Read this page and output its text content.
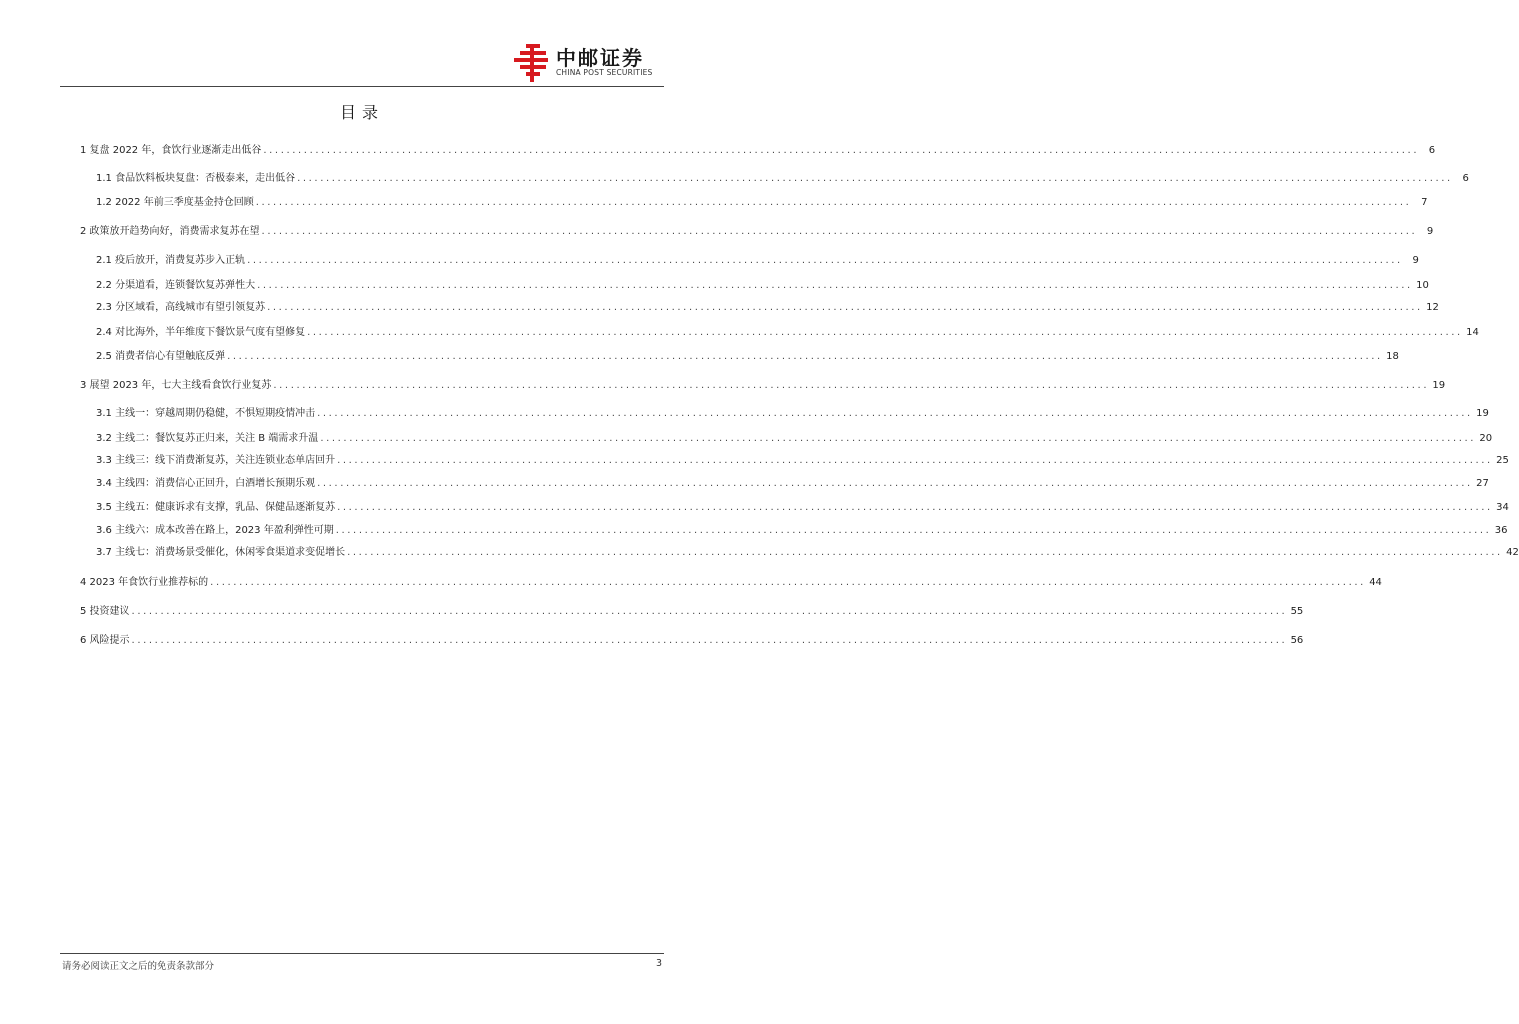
中邮证券
CHINA POST SECURITIES
目录
1 复盘 2022 年，食饮行业逐渐走出低谷 ........................................................................................................................................................................................................ 6
1.1 食品饮料板块复盘：否极泰来，走出低谷 ........................................................................................................................................................................................................ 6
1.2 2022 年前三季度基金持仓回顾 ........................................................................................................................................................................................................ 7
2 政策放开趋势向好，消费需求复苏在望 ........................................................................................................................................................................................................ 9
2.1 疫后放开，消费复苏步入正轨 ........................................................................................................................................................................................................ 9
2.2 分渠道看，连锁餐饮复苏弹性大 ........................................................................................................................................................................................................ 10
2.3 分区域看，高线城市有望引领复苏 ........................................................................................................................................................................................................ 12
2.4 对比海外，半年维度下餐饮景气度有望修复 ........................................................................................................................................................................................................ 14
2.5 消费者信心有望触底反弹 ........................................................................................................................................................................................................ 18
3 展望 2023 年，七大主线看食饮行业复苏 ........................................................................................................................................................................................................ 19
3.1 主线一：穿越周期仍稳健，不惧短期疫情冲击 ........................................................................................................................................................................................................ 19
3.2 主线二：餐饮复苏正归来，关注 B 端需求升温 ........................................................................................................................................................................................................ 20
3.3 主线三：线下消费渐复苏，关注连锁业态单店回升 ........................................................................................................................................................................................................ 25
3.4 主线四：消费信心正回升，白酒增长预期乐观 ........................................................................................................................................................................................................ 27
3.5 主线五：健康诉求有支撑，乳品、保健品逐渐复苏 ........................................................................................................................................................................................................ 34
3.6 主线六：成本改善在路上，2023 年盈利弹性可期 ........................................................................................................................................................................................................ 36
3.7 主线七：消费场景受催化，休闲零食渠道求变促增长 ........................................................................................................................................................................................................ 42
4 2023 年食饮行业推荐标的 ........................................................................................................................................................................................................ 44
5 投资建议 ........................................................................................................................................................................................................ 55
6 风险提示 ........................................................................................................................................................................................................ 56
请务必阅读正文之后的免责条款部分	3
